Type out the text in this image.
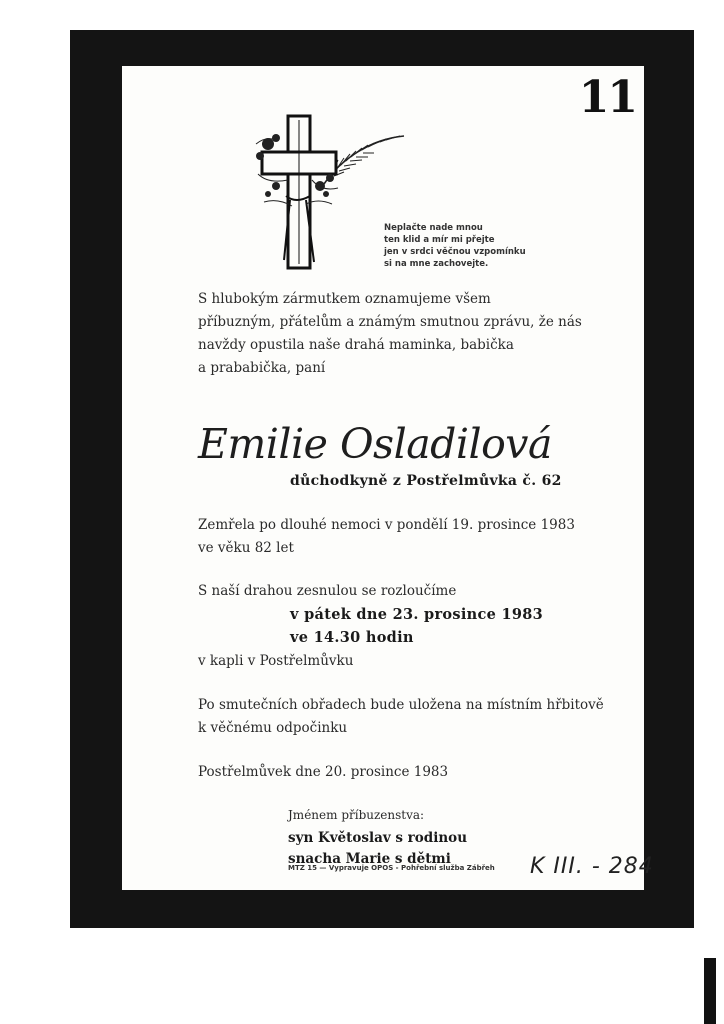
11
Neplačte nade mnou
ten klid a mír mi přejte
jen v srdci věčnou vzpomínku
si na mne zachovejte.
S hlubokým zármutkem oznamujeme všem
příbuzným, přátelům a známým smutnou zprávu, že nás
navždy opustila naše drahá maminka, babička
a prababička, paní
Emilie Osladilová
důchodkyně z Postřelmůvka č. 62
Zemřela po dlouhé nemoci v pondělí 19. prosince 1983
ve věku 82 let
S naší drahou zesnulou se rozloučíme
v pátek dne 23. prosince 1983
ve 14.30 hodin
v kapli v Postřelmůvku
Po smutečních obřadech bude uložena na místním hřbitově
k věčnému odpočinku
Postřelmůvek dne 20. prosince 1983
Jménem příbuzenstva:
syn Květoslav s rodinou
snacha Marie s dětmi
MTZ 15 — Vypravuje OPOS - Pohřební služba Zábřeh K III. - 284
